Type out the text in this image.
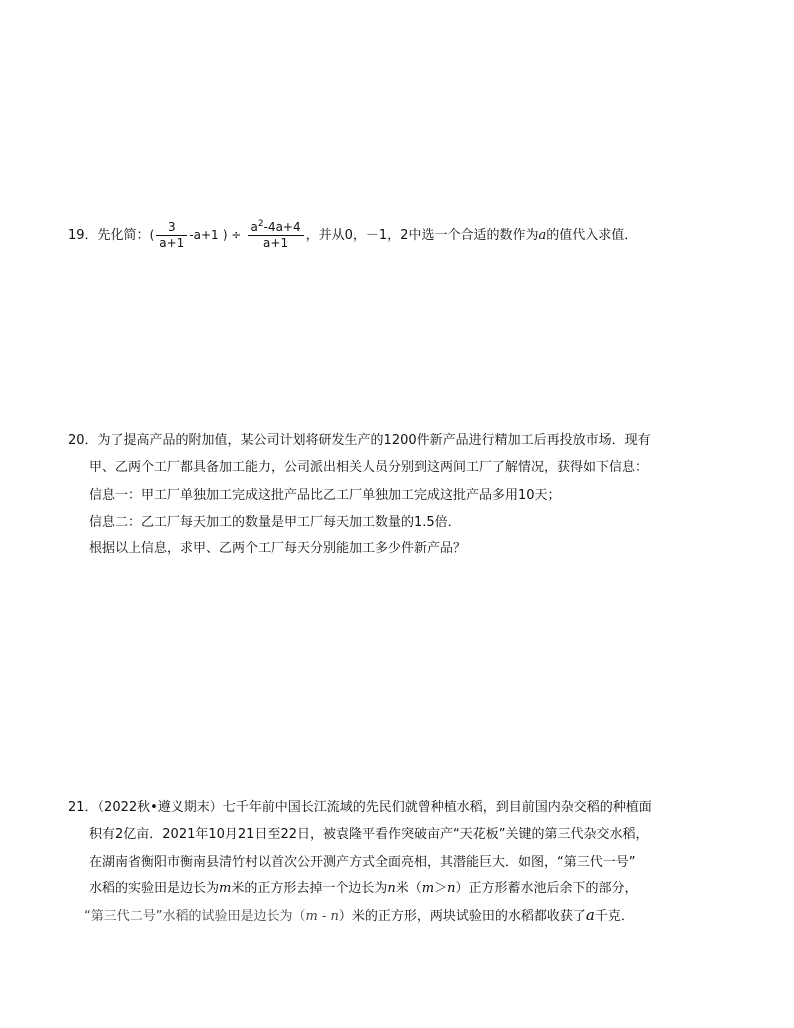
19．先化简：( $\frac{3}{a+1} -a+1$ ) ÷ $\frac{a^2-4a+4}{a+1}$ ，并从0，－1，2中选一个合适的数作为a的值代入求值．
20．为了提高产品的附加值，某公司计划将研发生产的1200件新产品进行精加工后再投放市场．现有
甲、乙两个工厂都具备加工能力，公司派出相关人员分别到这两间工厂了解情况，获得如下信息：
信息一：甲工厂单独加工完成这批产品比乙工厂单独加工完成这批产品多用10天；
信息二：乙工厂每天加工的数量是甲工厂每天加工数量的1.5倍．
根据以上信息，求甲、乙两个工厂每天分别能加工多少件新产品？
21．（2022秋•遵义期末）七千年前中国长江流域的先民们就曾种植水稻，到目前国内杂交稻的种植面
积有2亿亩．2021年10月21日至22日，被袁隆平看作突破亩产“天花板”关键的第三代杂交水稻，
在湖南省衡阳市衡南县清竹村以首次公开测产方式全面亮相，其潜能巨大．如图，“第三代一号”
水稻的实验田是边长为m米的正方形去掉一个边长为n米（m＞n）正方形蓄水池后余下的部分，
“第三代二号”水稻的试验田是边长为（m - n）米的正方形，两块试验田的水稻都收获了a千克．
